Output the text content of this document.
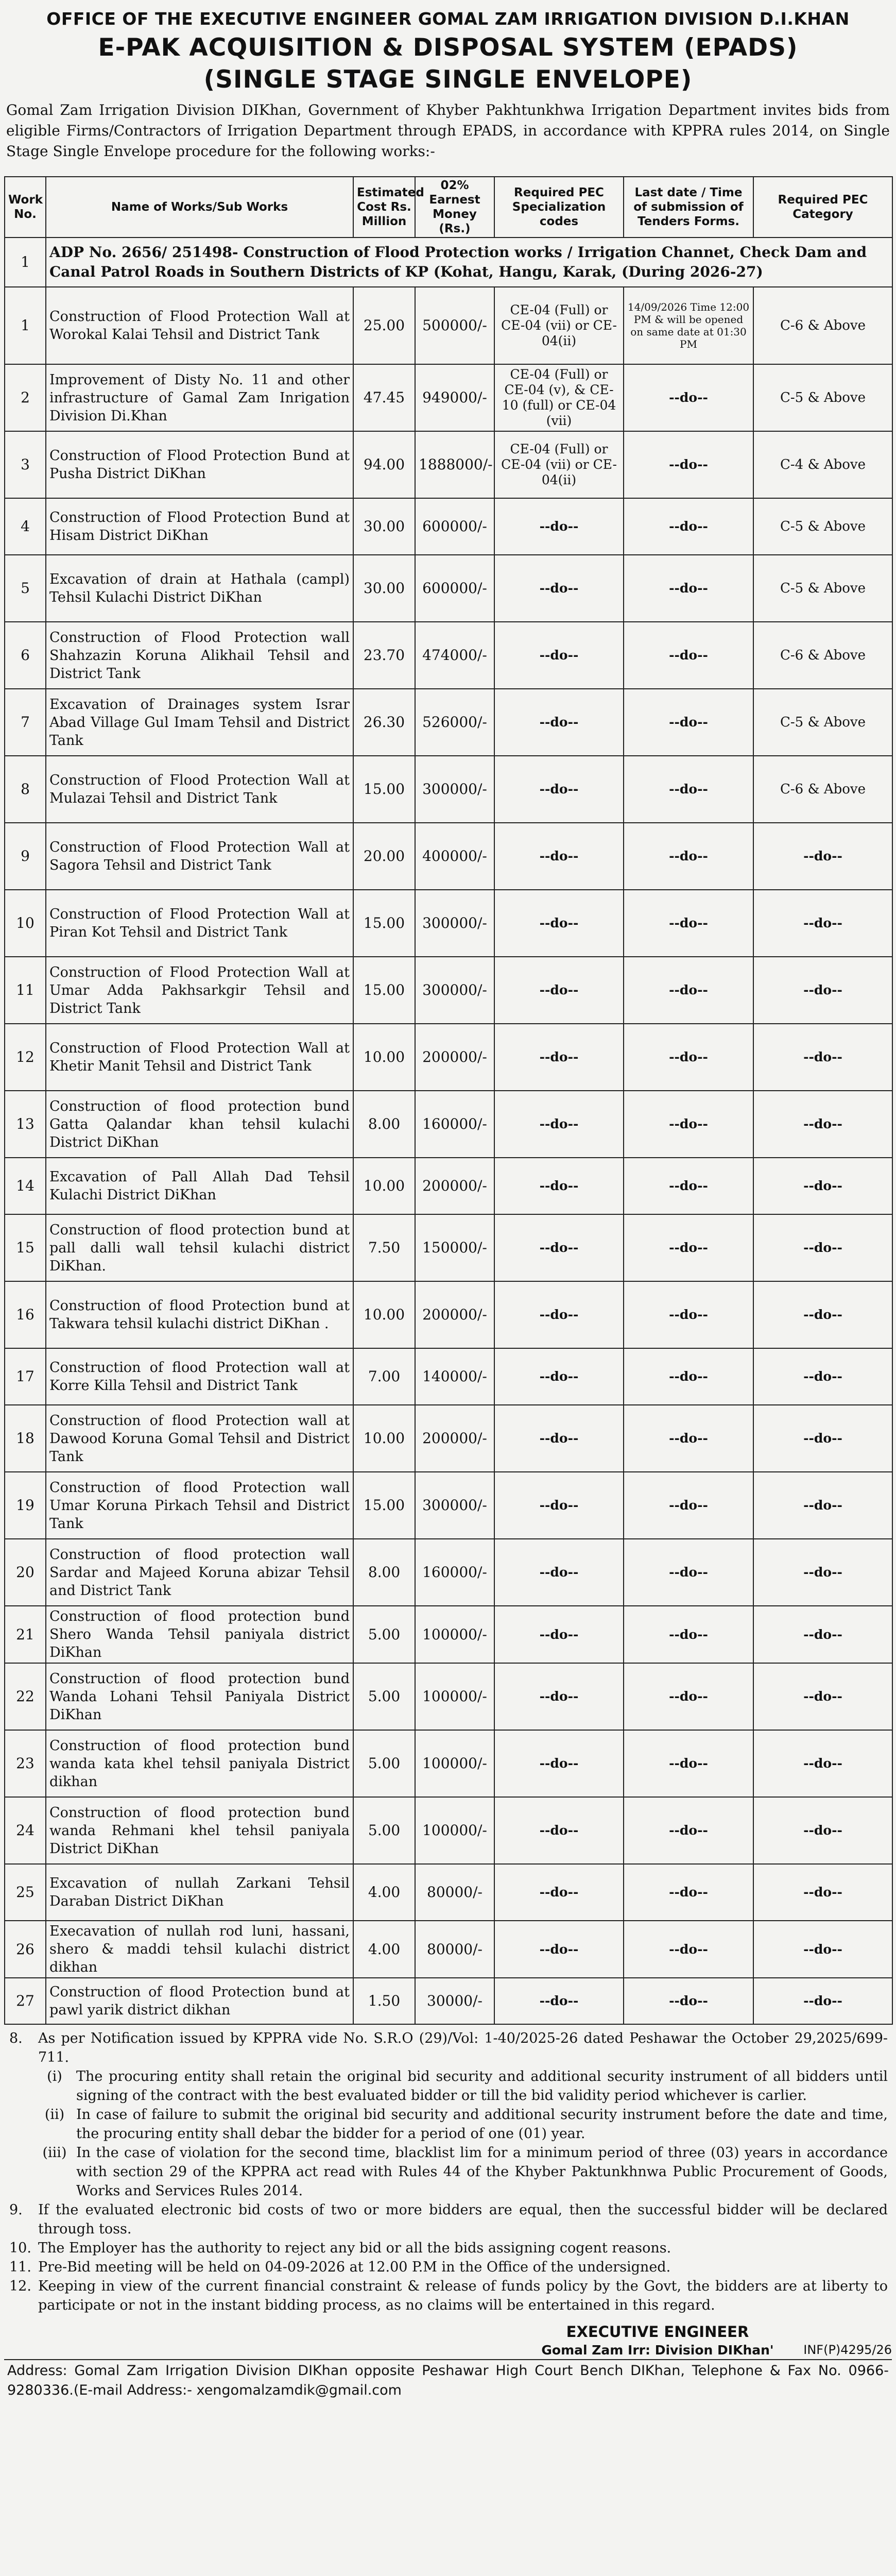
OFFICE OF THE EXECUTIVE ENGINEER GOMAL ZAM IRRIGATION DIVISION D.I.KHAN
E-PAK ACQUISITION & DISPOSAL SYSTEM (EPADS)
(SINGLE STAGE SINGLE ENVELOPE)
Gomal Zam Irrigation Division DIKhan, Government of Khyber Pakhtunkhwa Irrigation Department invites bids from eligible Firms/Contractors of Irrigation Department through EPADS, in accordance with KPPRA rules 2014, on Single Stage Single Envelope procedure for the following works:-
Work No.	Name of Works/Sub Works	Estimated Cost Rs. Million	02% Earnest Money (Rs.)	Required PEC Specialization codes	Last date / Time of submission of Tenders Forms.	Required PEC Category
1	ADP No. 2656/ 251498- Construction of Flood Protection works / Irrigation Channet, Check Dam and Canal Patrol Roads in Southern Districts of KP (Kohat, Hangu, Karak, (During 2026-27)					
1	Construction of Flood Protection Wall at Worokal Kalai Tehsil and District Tank	25.00	500000/-	CE-04 (Full) or CE-04 (vii) or CE-04(ii)	14/09/2026 Time 12:00 PM & will be opened on same date at 01:30 PM	C-6 & Above
2	Improvement of Disty No. 11 and other infrastructure of Gamal Zam Inrigation Division Di.Khan	47.45	949000/-	CE-04 (Full) or CE-04 (v), & CE-10 (full) or CE-04 (vii)	--do--	C-5 & Above
3	Construction of Flood Protection Bund at Pusha District DiKhan	94.00	1888000/-	CE-04 (Full) or CE-04 (vii) or CE-04(ii)	--do--	C-4 & Above
4	Construction of Flood Protection Bund at Hisam District DiKhan	30.00	600000/-	--do--	--do--	C-5 & Above
5	Excavation of drain at Hathala (campl) Tehsil Kulachi District DiKhan	30.00	600000/-	--do--	--do--	C-5 & Above
6	Construction of Flood Protection wall Shahzazin Koruna Alikhail Tehsil and District Tank	23.70	474000/-	--do--	--do--	C-6 & Above
7	Excavation of Drainages system Israr Abad Village Gul Imam Tehsil and District Tank	26.30	526000/-	--do--	--do--	C-5 & Above
8	Construction of Flood Protection Wall at Mulazai Tehsil and District Tank	15.00	300000/-	--do--	--do--	C-6 & Above
9	Construction of Flood Protection Wall at Sagora Tehsil and District Tank	20.00	400000/-	--do--	--do--	--do--
10	Construction of Flood Protection Wall at Piran Kot Tehsil and District Tank	15.00	300000/-	--do--	--do--	--do--
11	Construction of Flood Protection Wall at Umar Adda Pakhsarkgir Tehsil and District Tank	15.00	300000/-	--do--	--do--	--do--
12	Construction of Flood Protection Wall at Khetir Manit Tehsil and District Tank	10.00	200000/-	--do--	--do--	--do--
13	Construction of flood protection bund Gatta Qalandar khan tehsil kulachi District DiKhan	8.00	160000/-	--do--	--do--	--do--
14	Excavation of Pall Allah Dad Tehsil Kulachi District DiKhan	10.00	200000/-	--do--	--do--	--do--
15	Construction of flood protection bund at pall dalli wall tehsil kulachi district DiKhan.	7.50	150000/-	--do--	--do--	--do--
16	Construction of flood Protection bund at Takwara tehsil kulachi district DiKhan .	10.00	200000/-	--do--	--do--	--do--
17	Construction of flood Protection wall at Korre Killa Tehsil and District Tank	7.00	140000/-	--do--	--do--	--do--
18	Construction of flood Protection wall at Dawood Koruna Gomal Tehsil and District Tank	10.00	200000/-	--do--	--do--	--do--
19	Construction of flood Protection wall Umar Koruna Pirkach Tehsil and District Tank	15.00	300000/-	--do--	--do--	--do--
20	Construction of flood protection wall Sardar and Majeed Koruna abizar Tehsil and District Tank	8.00	160000/-	--do--	--do--	--do--
21	Construction of flood protection bund Shero Wanda Tehsil paniyala district DiKhan	5.00	100000/-	--do--	--do--	--do--
22	Construction of flood protection bund Wanda Lohani Tehsil Paniyala District DiKhan	5.00	100000/-	--do--	--do--	--do--
23	Construction of flood protection bund wanda kata khel tehsil paniyala District dikhan	5.00	100000/-	--do--	--do--	--do--
24	Construction of flood protection bund wanda Rehmani khel tehsil paniyala District DiKhan	5.00	100000/-	--do--	--do--	--do--
25	Excavation of nullah Zarkani Tehsil Daraban District DiKhan	4.00	80000/-	--do--	--do--	--do--
26	Execavation of nullah rod luni, hassani, shero & maddi tehsil kulachi district dikhan	4.00	80000/-	--do--	--do--	--do--
27	Construction of flood Protection bund at pawl yarik district dikhan	1.50	30000/-	--do--	--do--	--do--
8.	As per Notification issued by KPPRA vide No. S.R.O (29)/Vol: 1-40/2025-26 dated Peshawar the October 29,2025/699-711.
(i)	The procuring entity shall retain the original bid security and additional security instrument of all bidders until signing of the contract with the best evaluated bidder or till the bid validity period whichever is carlier.
(ii) In case of failure to submit the original bid security and additional security instrument before the date and time, the procuring entity shall debar the bidder for a period of one (01) year.
(iii) In the case of violation for the second time, blacklist lim for a minimum period of three (03) years in accordance with section 29 of the KPPRA act read with Rules 44 of the Khyber Paktunkhnwa Public Procurement of Goods, Works and Services Rules 2014.
9.	If the evaluated electronic bid costs of two or more bidders are equal, then the successful bidder will be declared through toss.
10. The Employer has the authority to reject any bid or all the bids assigning cogent reasons.
11. Pre-Bid meeting will be held on 04-09-2026 at 12.00 P.M in the Office of the undersigned.
12. Keeping in view of the current financial constraint & release of funds policy by the Govt, the bidders are at liberty to participate or not in the instant bidding process, as no claims will be entertained in this regard.
EXECUTIVE ENGINEER
Gomal Zam Irr: Division DIKhan'	INF(P)4295/26
Address: Gomal Zam Irrigation Division DIKhan opposite Peshawar High Court Bench DIKhan, Telephone & Fax No. 0966-9280336.(E-mail Address:- xengomalzamdik@gmail.com
